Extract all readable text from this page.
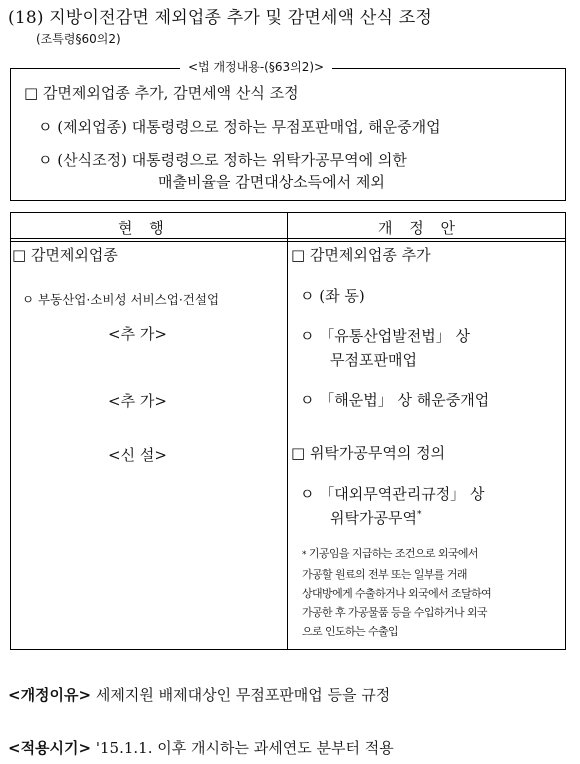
(18) 지방이전감면 제외업종 추가 및 감면세액 산식 조정
(조특령§60의2)
<법 개정내용-(§63의2)>
□ 감면제외업종 추가, 감면세액 산식 조정
ㅇ (제외업종) 대통령령으로 정하는 무점포판매업, 해운중개업
ㅇ (산식조정) 대통령령으로 정하는 위탁가공무역에 의한
매출비율을 감면대상소득에서 제외
현 행	개 정 안
□ 감면제외업종
ㅇ 부동산업·소비성 서비스업·건설업
<추 가>
<추 가>
<신 설>
□ 감면제외업종 추가
ㅇ (좌 동)
ㅇ 「유통산업발전법」 상
무점포판매업
ㅇ 「해운법」 상 해운중개업
□ 위탁가공무역의 정의
ㅇ 「대외무역관리규정」 상
위탁가공무역*
* 기공임을 지급하는 조건으로 외국에서
가공할 원료의 전부 또는 일부를 거래
상대방에게 수출하거나 외국에서 조달하여
가공한 후 가공물품 등을 수입하거나 외국
으로 인도하는 수출입
<개정이유> 세제지원 배제대상인 무점포판매업 등을 규정
<적용시기> '15.1.1. 이후 개시하는 과세연도 분부터 적용
